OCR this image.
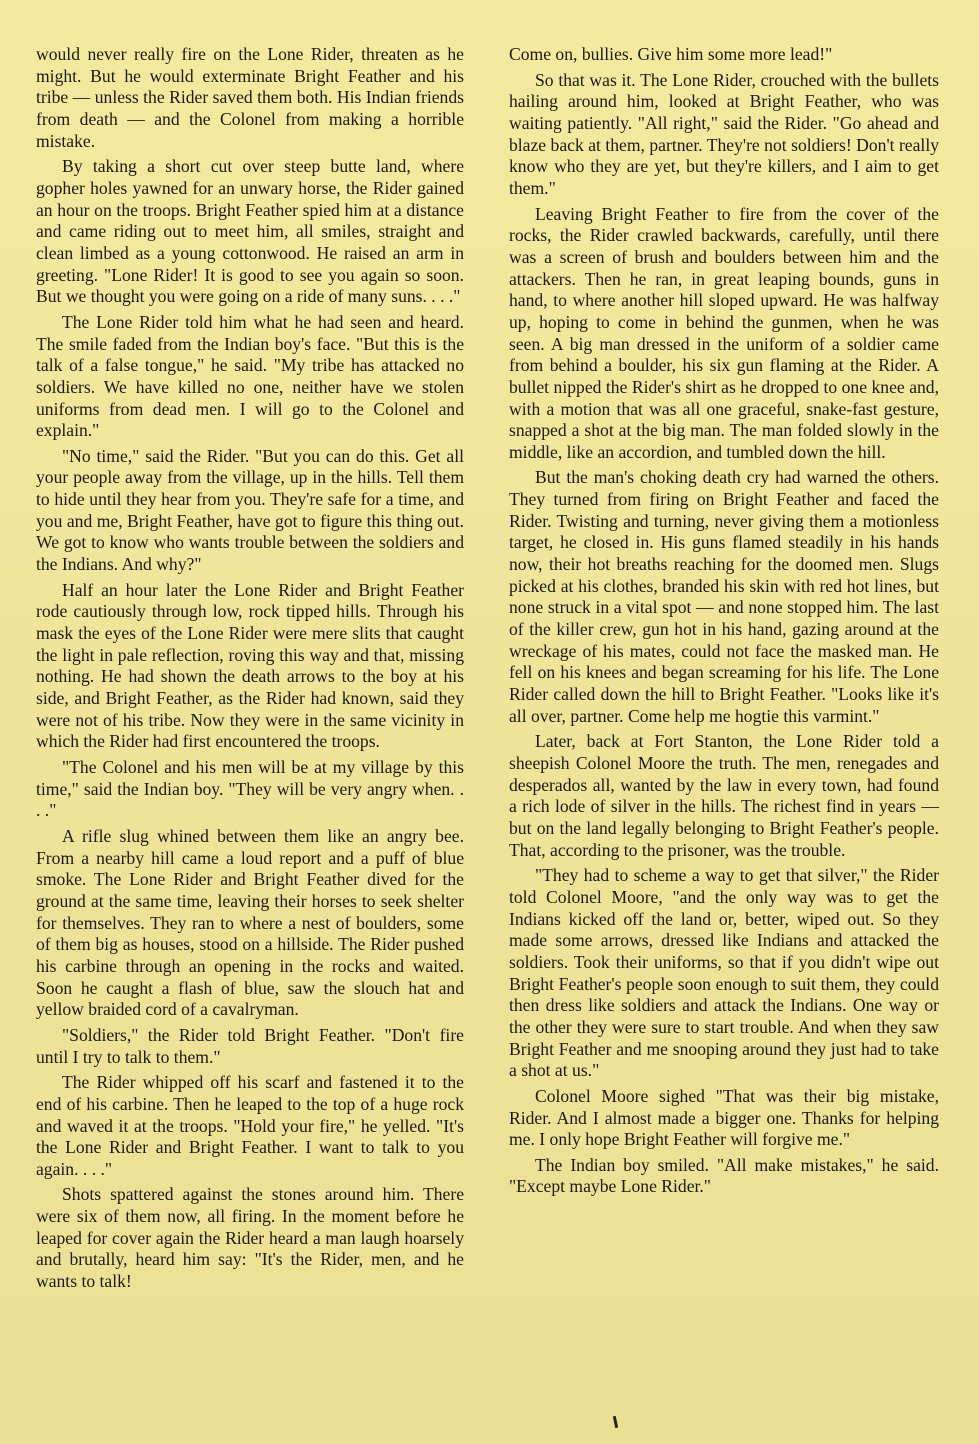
would never really fire on the Lone Rider, threaten as he might. But he would exterminate Bright Feather and his tribe — unless the Rider saved them both. His Indian friends from death — and the Colonel from making a horrible mistake.

By taking a short cut over steep butte land, where gopher holes yawned for an unwary horse, the Rider gained an hour on the troops. Bright Feather spied him at a distance and came riding out to meet him, all smiles, straight and clean limbed as a young cottonwood. He raised an arm in greeting. "Lone Rider! It is good to see you again so soon. But we thought you were going on a ride of many suns. . . ."

The Lone Rider told him what he had seen and heard. The smile faded from the Indian boy's face. "But this is the talk of a false tongue," he said. "My tribe has attacked no soldiers. We have killed no one, neither have we stolen uniforms from dead men. I will go to the Colonel and explain."

"No time," said the Rider. "But you can do this. Get all your people away from the village, up in the hills. Tell them to hide until they hear from you. They're safe for a time, and you and me, Bright Feather, have got to figure this thing out. We got to know who wants trouble between the soldiers and the Indians. And why?"

Half an hour later the Lone Rider and Bright Feather rode cautiously through low, rock tipped hills. Through his mask the eyes of the Lone Rider were mere slits that caught the light in pale reflection, roving this way and that, missing nothing. He had shown the death arrows to the boy at his side, and Bright Feather, as the Rider had known, said they were not of his tribe. Now they were in the same vicinity in which the Rider had first encountered the troops.

"The Colonel and his men will be at my village by this time," said the Indian boy. "They will be very angry when. . . ."

A rifle slug whined between them like an angry bee. From a nearby hill came a loud report and a puff of blue smoke. The Lone Rider and Bright Feather dived for the ground at the same time, leaving their horses to seek shelter for themselves. They ran to where a nest of boulders, some of them big as houses, stood on a hillside. The Rider pushed his carbine through an opening in the rocks and waited. Soon he caught a flash of blue, saw the slouch hat and yellow braided cord of a cavalryman.

"Soldiers," the Rider told Bright Feather. "Don't fire until I try to talk to them."

The Rider whipped off his scarf and fastened it to the end of his carbine. Then he leaped to the top of a huge rock and waved it at the troops. "Hold your fire," he yelled. "It's the Lone Rider and Bright Feather. I want to talk to you again. . . ."

Shots spattered against the stones around him. There were six of them now, all firing. In the moment before he leaped for cover again the Rider heard a man laugh hoarsely and brutally, heard him say: "It's the Rider, men, and he wants to talk!

Come on, bullies. Give him some more lead!"

So that was it. The Lone Rider, crouched with the bullets hailing around him, looked at Bright Feather, who was waiting patiently. "All right," said the Rider. "Go ahead and blaze back at them, partner. They're not soldiers! Don't really know who they are yet, but they're killers, and I aim to get them."

Leaving Bright Feather to fire from the cover of the rocks, the Rider crawled backwards, carefully, until there was a screen of brush and boulders between him and the attackers. Then he ran, in great leaping bounds, guns in hand, to where another hill sloped upward. He was halfway up, hoping to come in behind the gunmen, when he was seen. A big man dressed in the uniform of a soldier came from behind a boulder, his six gun flaming at the Rider. A bullet nipped the Rider's shirt as he dropped to one knee and, with a motion that was all one graceful, snake-fast gesture, snapped a shot at the big man. The man folded slowly in the middle, like an accordion, and tumbled down the hill.

But the man's choking death cry had warned the others. They turned from firing on Bright Feather and faced the Rider. Twisting and turning, never giving them a motionless target, he closed in. His guns flamed steadily in his hands now, their hot breaths reaching for the doomed men. Slugs picked at his clothes, branded his skin with red hot lines, but none struck in a vital spot — and none stopped him. The last of the killer crew, gun hot in his hand, gazing around at the wreckage of his mates, could not face the masked man. He fell on his knees and began screaming for his life. The Lone Rider called down the hill to Bright Feather. "Looks like it's all over, partner. Come help me hogtie this varmint."

Later, back at Fort Stanton, the Lone Rider told a sheepish Colonel Moore the truth. The men, renegades and desperados all, wanted by the law in every town, had found a rich lode of silver in the hills. The richest find in years — but on the land legally belonging to Bright Feather's people. That, according to the prisoner, was the trouble.

"They had to scheme a way to get that silver," the Rider told Colonel Moore, "and the only way was to get the Indians kicked off the land or, better, wiped out. So they made some arrows, dressed like Indians and attacked the soldiers. Took their uniforms, so that if you didn't wipe out Bright Feather's people soon enough to suit them, they could then dress like soldiers and attack the Indians. One way or the other they were sure to start trouble. And when they saw Bright Feather and me snooping around they just had to take a shot at us."

Colonel Moore sighed "That was their big mistake, Rider. And I almost made a bigger one. Thanks for helping me. I only hope Bright Feather will forgive me."

The Indian boy smiled. "All make mistakes," he said. "Except maybe Lone Rider."
